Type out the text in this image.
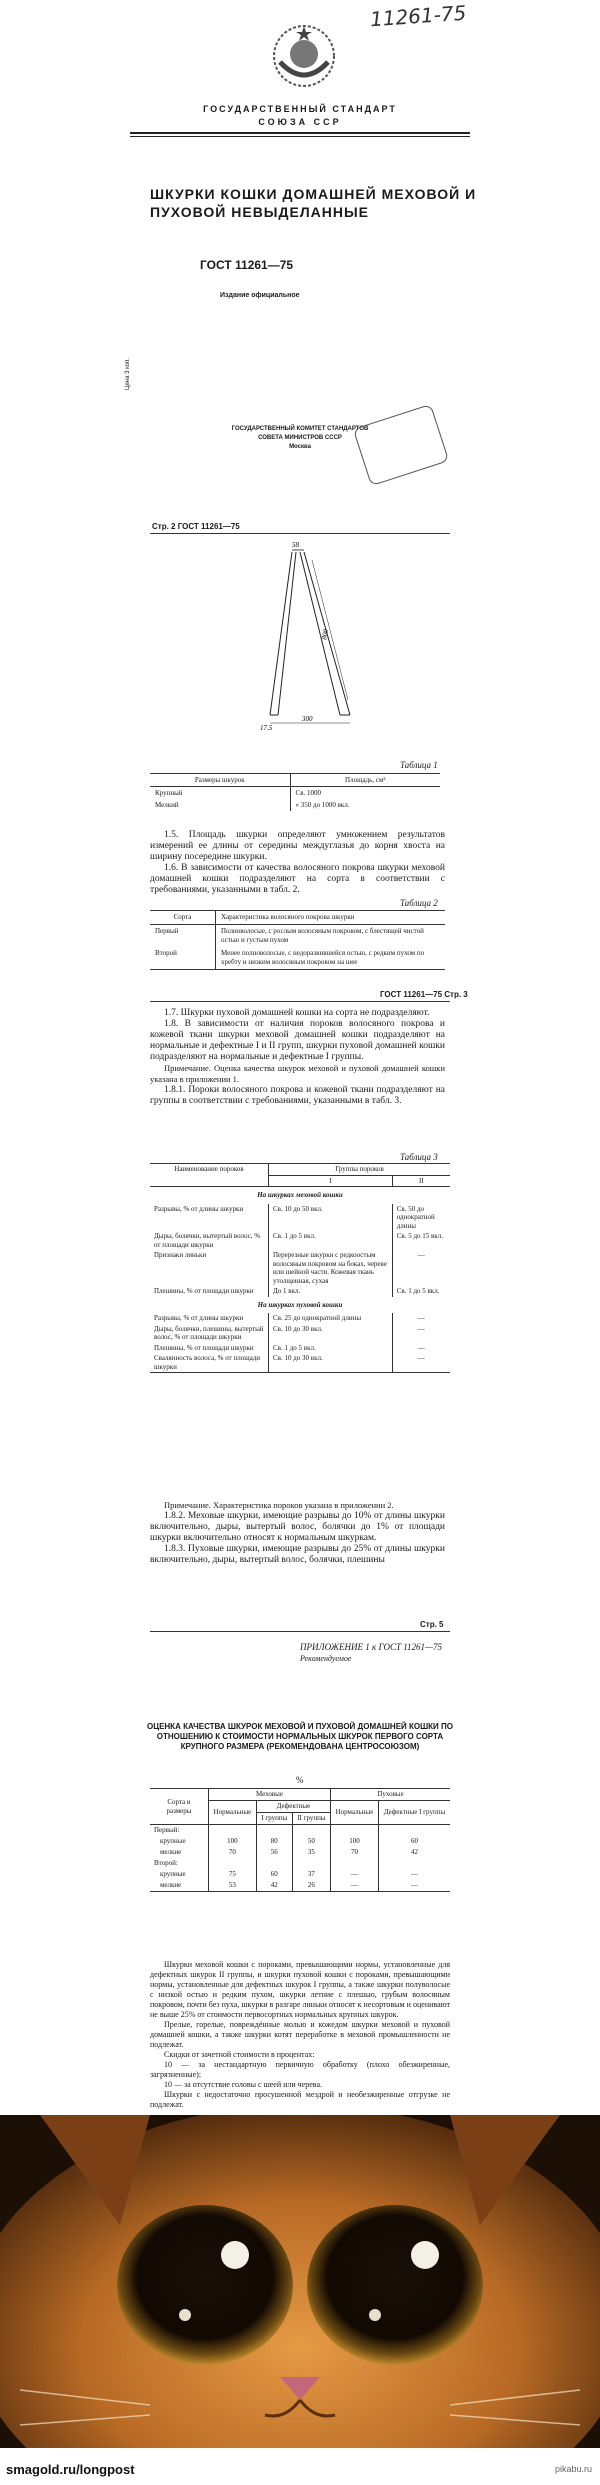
11261-75
ГОСУДАРСТВЕННЫЙ СТАНДАРТ
СОЮЗА ССР
ШКУРКИ КОШКИ ДОМАШНЕЙ МЕХОВОЙ И ПУХОВОЙ НЕВЫДЕЛАННЫЕ
ГОСТ 11261—75
Издание официальное
Цена 3 коп.
ГОСУДАРСТВЕННЫЙ КОМИТЕТ СТАНДАРТОВ
СОВЕТА МИНИСТРОВ СССР
Москва
Стр. 2 ГОСТ 11261—75
58
800
17,5
300
Таблица 1
Размеры шкурок	Площадь, см²
Крупный	Св. 1000
Мелкий	» 350 до 1000 вкл.

1.5. Площадь шкурки определяют умножением результатов измерений ее длины от середины междуглазья до корня хвоста на ширину посередине шкурки.

1.6. В зависимости от качества волосяного покрова шкурки меховой домашней кошки подразделяют на сорта в соответствии с требованиями, указанными в табл. 2.

Таблица 2
Сорта	Характеристика волосяного покрова шкурки
Первый	Полноволосые, с рослым волосяным покровом, с блестящей чистой остью и густым пухом
Второй	Менее полноволосые, с недоразвившейся остью, с редким пухом по хребту и низким волосяным покровом на шее
ГОСТ 11261—75 Стр. 3

1.7. Шкурки пуховой домашней кошки на сорта не подразделяют.

1.8. В зависимости от наличия пороков волосяного покрова и кожевой ткани шкурки меховой домашней кошки подразделяют на нормальные и дефектные I и II групп, шкурки пуховой домашней кошки подразделяют на нормальные и дефектные I группы.

Примечание. Оценка качества шкурок меховой и пуховой домашней кошки указана в приложении 1.

1.8.1. Пороки волосяного покрова и кожевой ткани подразделяют на группы в соответствии с требованиями, указанными в табл. 3.

Таблица 3
Наименование пороков	Группы пороков	
	I	II
На шкурках меховой кошки		
Разрывы, % от длины шкурки	Св. 10 до 50 вкл.	Св. 50 до однократной длины
Дыры, болячки, вытертый волос, % от площади шкурки	Св. 1 до 5 вкл.	Св. 5 до 15 вкл.
Признаки линьки	Перерезные шкурки с редкоостым волосяным покровом на боках, черевe или шейной части. Кожевая ткань утолщенная, сухая	—
Плешины, % от площади шкурки	До 1 вкл.	Св. 1 до 5 вкл.
На шкурках пуховой кошки		
Разрывы, % от длины шкурки	Св. 25 до однократной длины	—
Дыры, болячки, плешины, вытертый волос, % от площади шкурки	Св. 10 до 30 вкл.	—
Плешины, % от площади шкурки	Св. 1 до 5 вкл.	—
Свалянность волоса, % от площади шкурки	Св. 10 до 30 вкл.	—

Примечание. Характеристика пороков указана в приложении 2.

1.8.2. Меховые шкурки, имеющие разрывы до 10% от длины шкурки включительно, дыры, вытертый волос, болячки до 1% от площади шкурки включительно относят к нормальным шкуркам.

1.8.3. Пуховые шкурки, имеющие разрывы до 25% от длины шкурки включительно, дыры, вытертый волос, болячки, плешины

Стр. 5
ПРИЛОЖЕНИЕ 1 к ГОСТ 11261—75
Рекомендуемое
ОЦЕНКА КАЧЕСТВА ШКУРОК МЕХОВОЙ И ПУХОВОЙ ДОМАШНЕЙ КОШКИ ПО ОТНОШЕНИЮ К СТОИМОСТИ НОРМАЛЬНЫХ ШКУРОК ПЕРВОГО СОРТА КРУПНОГО РАЗМЕРА (РЕКОМЕНДОВАНА ЦЕНТРОСОЮЗОМ)
%
Сорта и размеры	Меховые			Пуховые	
	Нормальные	Дефектные		Нормальные	Дефектные I группы
		I группы	II группы		
Первый:					
крупные	100	80	50	100	60
мелкие	70	56	35	70	42
Второй:					
крупные	75	60	37	—	—
мелкие	53	42	26	—	—

Шкурки меховой кошки с пороками, превышающими нормы, установленные для дефектных шкурок II группы, и шкурки пуховой кошки с пороками, превышающими нормы, установленные для дефектных шкурок I группы, а также шкурки полуволосые с низкой остью и редким пухом, шкурки летние с плешью, грубым волосяным покровом, почти без пуха, шкурки в разгаре линьки относят к несортовым и оценивают не выше 25% от стоимости первосортных нормальных крупных шкурок.

Прелые, горелые, повреждённые молью и кожедом шкурки меховой и пуховой домашней кошки, а также шкурки котят переработке в меховой промышленности не подлежат.

Скидки от зачетной стоимости в процентах:

10 — за нестандартную первичную обработку (плохо обезжиренные, загрязненные);

10 — за отсутствие головы с шеей или черева.

Шкурки с недостаточно просушенной мездрой и необезжиренные отгрузке не подлежат.

smagold.ru/longpost	pikabu.ru
